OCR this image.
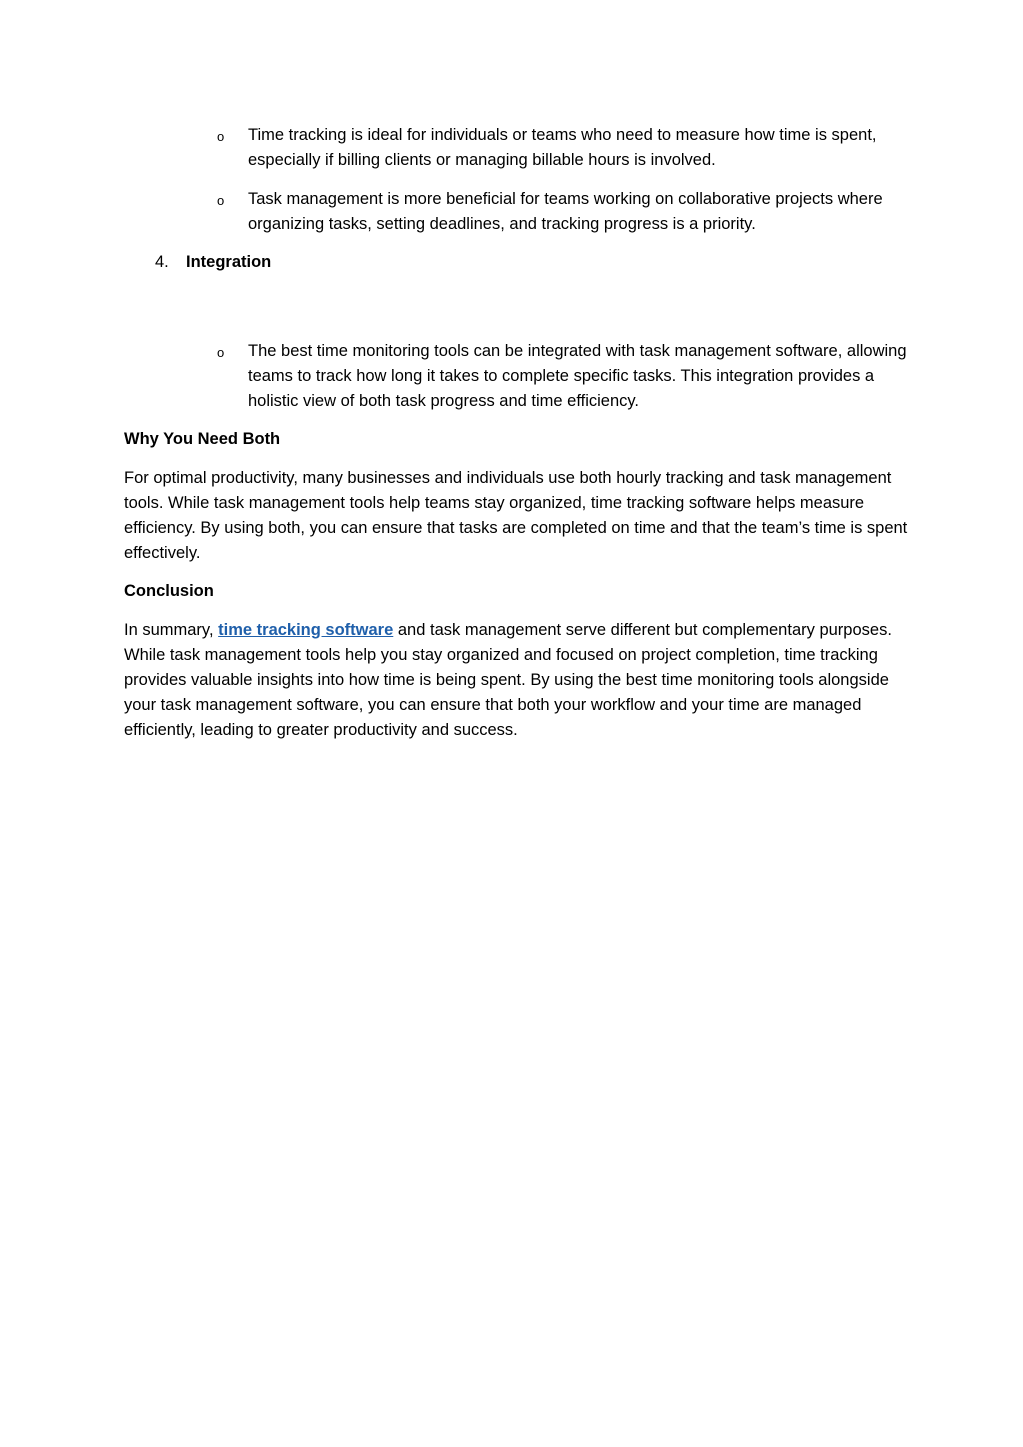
o Time tracking is ideal for individuals or teams who need to measure how time is spent, especially if billing clients or managing billable hours is involved.

o Task management is more beneficial for teams working on collaborative projects where organizing tasks, setting deadlines, and tracking progress is a priority.

4. Integration

o The best time monitoring tools can be integrated with task management software, allowing teams to track how long it takes to complete specific tasks. This integration provides a holistic view of both task progress and time efficiency.

Why You Need Both

For optimal productivity, many businesses and individuals use both hourly tracking and task management tools. While task management tools help teams stay organized, time tracking software helps measure efficiency. By using both, you can ensure that tasks are completed on time and that the team’s time is spent effectively.

Conclusion

In summary, time tracking software and task management serve different but complementary purposes. While task management tools help you stay organized and focused on project completion, time tracking provides valuable insights into how time is being spent. By using the best time monitoring tools alongside your task management software, you can ensure that both your workflow and your time are managed efficiently, leading to greater productivity and success.
